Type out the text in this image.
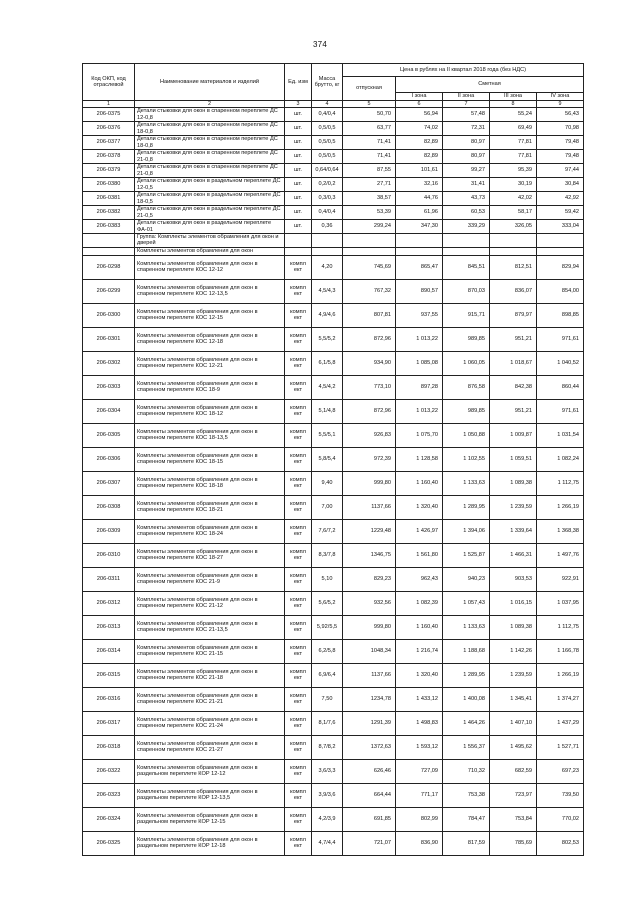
374
Код ОКП, код отраслевой	Наименование материалов и изделий	Ед. изм	Масса брутто, кг	Цена в рублях на II квартал 2018 года (без НДС)				
				отпускная	Сметная			
					I зона	II зона	III зона	IV зона
1	2	3	4	5	6	7	8	9
206-0375	Детали стыковки для окон в спаренном переплете ДС 12-0,8	шт.	0,4/0,4	50,70	56,94	57,48	55,24	56,43
206-0376	Детали стыковки для окон в спаренном переплете ДС 18-0,8	шт.	0,5/0,5	63,77	74,02	72,31	69,49	70,98
206-0377	Детали стыковки для окон в спаренном переплете ДС 18-0,8	шт.	0,5/0,5	71,41	82,89	80,97	77,81	79,48
206-0378	Детали стыковки для окон в спаренном переплете ДС 21-0,8	шт.	0,5/0,5	71,41	82,89	80,97	77,81	79,48
206-0379	Детали стыковки для окон в спаренном переплете ДС 21-0,8	шт.	0,64/0,64	87,55	101,61	99,27	95,39	97,44
206-0380	Детали стыковки для окон в раздельном переплете ДС 12-0,5	шт.	0,2/0,2	27,71	32,16	31,41	30,19	30,84
206-0381	Детали стыковки для окон в раздельном переплете ДС 18-0,5	шт.	0,3/0,3	38,57	44,76	43,73	42,02	42,92
206-0382	Детали стыковки для окон в раздельном переплете ДС 21-0,5	шт.	0,4/0,4	53,39	61,96	60,53	58,17	59,42
206-0383	Детали стыковки для окон в раздельном переплете ФА-01	шт.	0,36	299,24	347,30	339,29	326,05	333,04
	Группа: Комплекты элементов обрамления для окон и дверей							
	Комплекты элементов обрамления для окон							
206-0298	Комплекты элементов обрамления для окон в спаренном переплете КОС 12-12	компл ект	4,20	745,69	865,47	845,51	812,51	829,94
206-0299	Комплекты элементов обрамления для окон в спаренном переплете КОС 12-13,5	компл ект	4,5/4,3	767,32	890,57	870,03	836,07	854,00
206-0300	Комплекты элементов обрамления для окон в спаренном переплете КОС 12-15	компл ект	4,9/4,6	807,81	937,55	915,71	879,97	898,85
206-0301	Комплекты элементов обрамления для окон в спаренном переплете КОС 12-18	компл ект	5,5/5,2	872,96	1 013,22	989,85	951,21	971,61
206-0302	Комплекты элементов обрамления для окон в спаренном переплете КОС 12-21	компл ект	6,1/5,8	934,90	1 085,08	1 060,05	1 018,67	1 040,52
206-0303	Комплекты элементов обрамления для окон в спаренном переплете КОС 18-9	компл ект	4,5/4,2	773,10	897,28	876,58	842,38	860,44
206-0304	Комплекты элементов обрамления для окон в спаренном переплете КОС 18-12	компл ект	5,1/4,8	872,96	1 013,22	989,85	951,21	971,61
206-0305	Комплекты элементов обрамления для окон в спаренном переплете КОС 18-13,5	компл ект	5,5/5,1	926,83	1 075,70	1 050,88	1 009,87	1 031,54
206-0306	Комплекты элементов обрамления для окон в спаренном переплете КОС 18-15	компл ект	5,8/5,4	972,39	1 128,58	1 102,55	1 059,51	1 082,24
206-0307	Комплекты элементов обрамления для окон в спаренном переплете КОС 18-18	компл ект	9,40	999,80	1 160,40	1 133,63	1 089,38	1 112,75
206-0308	Комплекты элементов обрамления для окон в спаренном переплете КОС 18-21	компл ект	7,00	1137,66	1 320,40	1 289,95	1 239,59	1 266,19
206-0309	Комплекты элементов обрамления для окон в спаренном переплете КОС 18-24	компл ект	7,6/7,2	1229,48	1 426,97	1 394,06	1 339,64	1 368,38
206-0310	Комплекты элементов обрамления для окон в спаренном переплете КОС 18-27	компл ект	8,3/7,8	1346,75	1 561,80	1 525,87	1 466,31	1 497,76
206-0311	Комплекты элементов обрамления для окон в спаренном переплете КОС 21-9	компл ект	5,10	829,23	962,43	940,23	903,53	922,91
206-0312	Комплекты элементов обрамления для окон в спаренном переплете КОС 21-12	компл ект	5,6/5,2	932,56	1 082,39	1 057,43	1 016,15	1 037,95
206-0313	Комплекты элементов обрамления для окон в спаренном переплете КОС 21-13,5	компл ект	5,92/5,5	999,80	1 160,40	1 133,63	1 089,38	1 112,75
206-0314	Комплекты элементов обрамления для окон в спаренном переплете КОС 21-15	компл ект	6,2/5,8	1048,34	1 216,74	1 188,68	1 142,26	1 166,78
206-0315	Комплекты элементов обрамления для окон в спаренном переплете КОС 21-18	компл ект	6,9/6,4	1137,66	1 320,40	1 289,95	1 239,59	1 266,19
206-0316	Комплекты элементов обрамления для окон в спаренном переплете КОС 21-21	компл ект	7,50	1234,78	1 433,12	1 400,08	1 345,41	1 374,27
206-0317	Комплекты элементов обрамления для окон в спаренном переплете КОС 21-24	компл ект	8,1/7,6	1291,39	1 498,83	1 464,26	1 407,10	1 437,29
206-0318	Комплекты элементов обрамления для окон в спаренном переплете КОС 21-27	компл ект	8,7/8,2	1372,63	1 593,12	1 556,37	1 495,62	1 527,71
206-0322	Комплекты элементов обрамления для окон в раздельном переплете КОР 12-12	компл ект	3,6/3,3	626,46	727,09	710,32	682,59	697,23
206-0323	Комплекты элементов обрамления для окон в раздельном переплете КОР 12-13,5	компл ект	3,9/3,6	664,44	771,17	753,38	723,97	739,50
206-0324	Комплекты элементов обрамления для окон в раздельном переплете КОР 12-15	компл ект	4,2/3,9	691,85	802,99	784,47	753,84	770,02
206-0325	Комплекты элементов обрамления для окон в раздельном переплете КОР 12-18	компл ект	4,7/4,4	721,07	836,90	817,59	785,69	802,53
